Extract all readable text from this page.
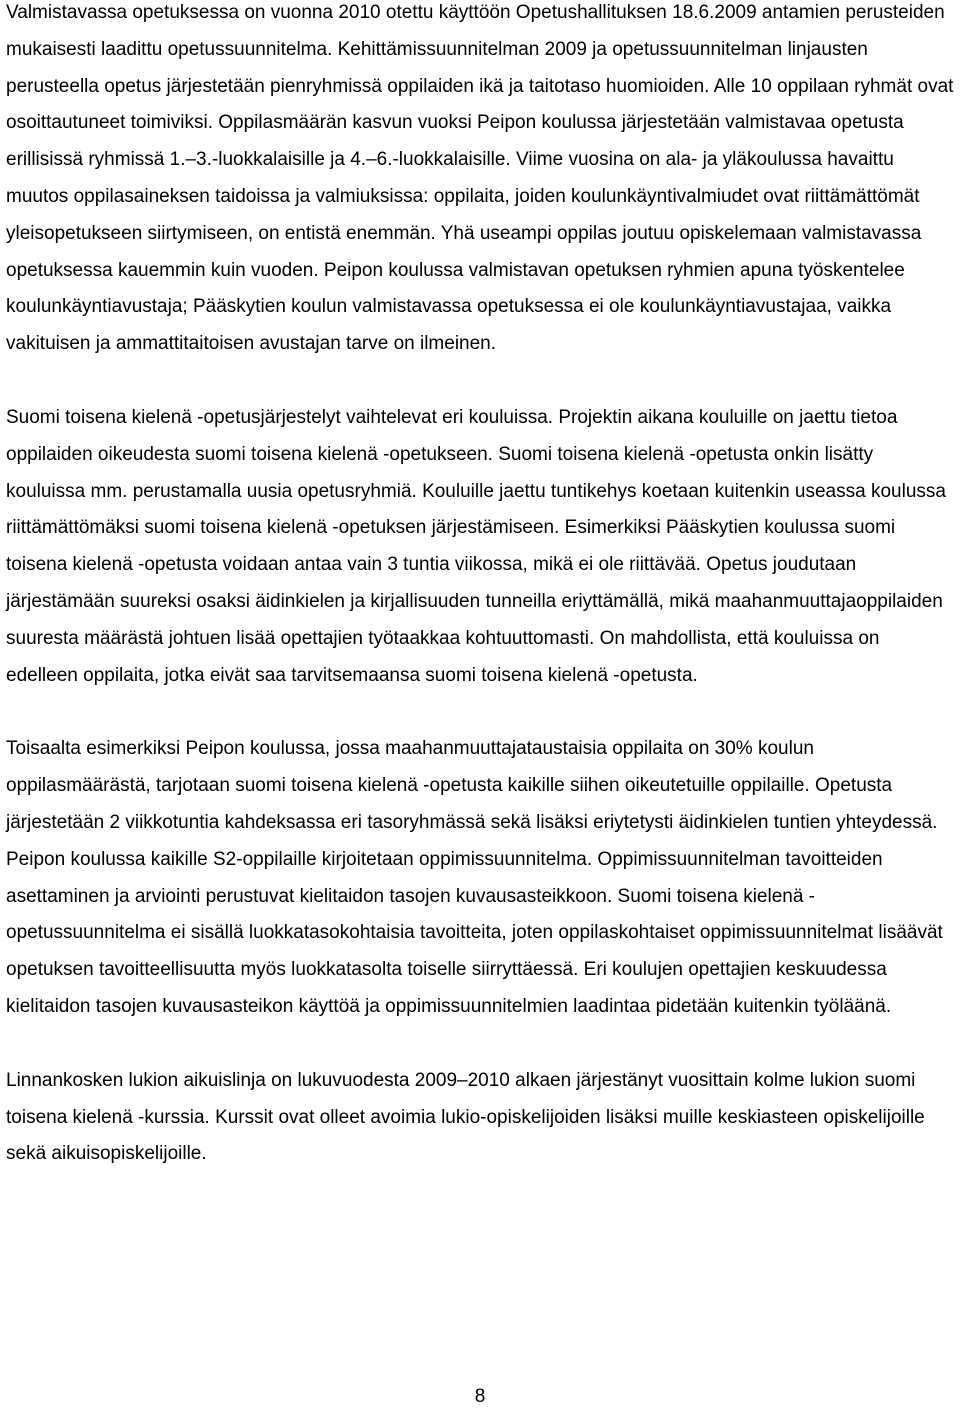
Valmistavassa opetuksessa on vuonna 2010 otettu käyttöön Opetushallituksen 18.6.2009 antamien perusteiden mukaisesti laadittu opetussuunnitelma. Kehittämissuunnitelman 2009 ja opetussuunnitelman linjausten perusteella opetus järjestetään pienryhmissä oppilaiden ikä ja taitotaso huomioiden. Alle 10 oppilaan ryhmät ovat osoittautuneet toimiviksi. Oppilasmäärän kasvun vuoksi Peipon koulussa järjestetään valmistavaa opetusta erillisissä ryhmissä 1.–3.-luokkalaisille ja 4.–6.-luokkalaisille. Viime vuosina on ala- ja yläkoulussa havaittu muutos oppilasaineksen taidoissa ja valmiuksissa: oppilaita, joiden koulunkäyntivalmiudet ovat riittämättömät yleisopetukseen siirtymiseen, on entistä enemmän. Yhä useampi oppilas joutuu opiskelemaan valmistavassa opetuksessa kauemmin kuin vuoden. Peipon koulussa valmistavan opetuksen ryhmien apuna työskentelee koulunkäyntiavustaja; Pääskytien koulun valmistavassa opetuksessa ei ole koulunkäyntiavustajaa, vaikka vakituisen ja ammattitaitoisen avustajan tarve on ilmeinen.

Suomi toisena kielenä -opetusjärjestelyt vaihtelevat eri kouluissa. Projektin aikana kouluille on jaettu tietoa oppilaiden oikeudesta suomi toisena kielenä -opetukseen. Suomi toisena kielenä -opetusta onkin lisätty kouluissa mm. perustamalla uusia opetusryhmiä. Kouluille jaettu tuntikehys koetaan kuitenkin useassa koulussa riittämättömäksi suomi toisena kielenä -opetuksen järjestämiseen. Esimerkiksi Pääskytien koulussa suomi toisena kielenä -opetusta voidaan antaa vain 3 tuntia viikossa, mikä ei ole riittävää. Opetus joudutaan järjestämään suureksi osaksi äidinkielen ja kirjallisuuden tunneilla eriyttämällä, mikä maahanmuuttajaoppilaiden suuresta määrästä johtuen lisää opettajien työtaakkaa kohtuuttomasti. On mahdollista, että kouluissa on edelleen oppilaita, jotka eivät saa tarvitsemaansa suomi toisena kielenä -opetusta.

Toisaalta esimerkiksi Peipon koulussa, jossa maahanmuuttajataustaisia oppilaita on 30% koulun oppilasmäärästä, tarjotaan suomi toisena kielenä -opetusta kaikille siihen oikeutetuille oppilaille. Opetusta järjestetään 2 viikkotuntia kahdeksassa eri tasoryhmässä sekä lisäksi eriytetysti äidinkielen tuntien yhteydessä. Peipon koulussa kaikille S2-oppilaille kirjoitetaan oppimissuunnitelma. Oppimissuunnitelman tavoitteiden asettaminen ja arviointi perustuvat kielitaidon tasojen kuvausasteikkoon. Suomi toisena kielenä -opetussuunnitelma ei sisällä luokkatasokohtaisia tavoitteita, joten oppilaskohtaiset oppimissuunnitelmat lisäävät opetuksen tavoitteellisuutta myös luokkatasolta toiselle siirryttäessä. Eri koulujen opettajien keskuudessa kielitaidon tasojen kuvausasteikon käyttöä ja oppimissuunnitelmien laadintaa pidetään kuitenkin työläänä.

Linnankosken lukion aikuislinja on lukuvuodesta 2009–2010 alkaen järjestänyt vuosittain kolme lukion suomi toisena kielenä -kurssia. Kurssit ovat olleet avoimia lukio-opiskelijoiden lisäksi muille keskiasteen opiskelijoille sekä aikuisopiskelijoille.

8
